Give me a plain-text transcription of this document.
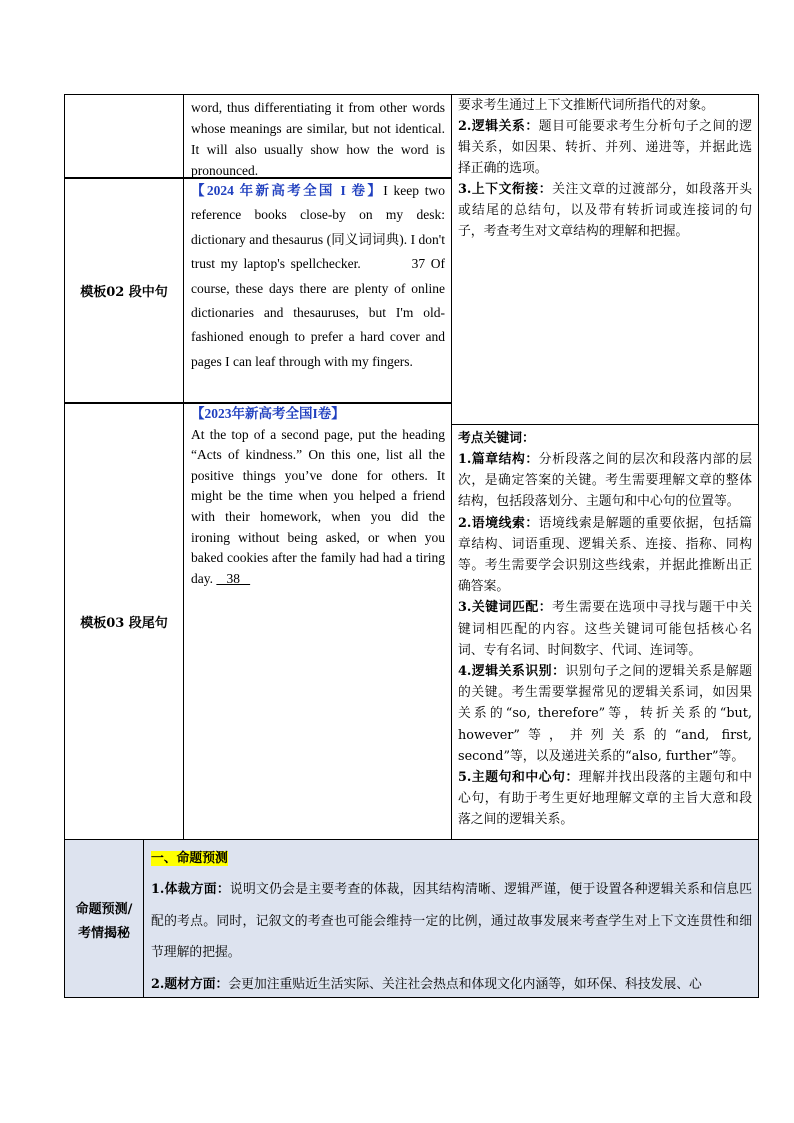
模板02 段中句
模板03 段尾句

word, thus differentiating it from other words whose meanings are similar, but not identical. It will also usually show how the word is pronounced.

【2024 年新高考全国 I 卷】I keep two reference books close-by on my desk: dictionary and thesaurus (同义词词典). I don't trust my laptop's spellchecker.	37 Of course, these days there are plenty of online dictionaries and thesauruses, but I'm old-fashioned enough to prefer a hard cover and pages I can leaf through with my fingers.

【2023年新高考全国I卷】
At the top of a second page, put the heading “Acts of kindness.” On this one, list all the positive things you’ve done for others. It might be the time when you helped a friend with their homework, when you did the ironing without being asked, or when you baked cookies after the family had had a tiring day. 38

要求考生通过上下文推断代词所指代的对象。

2.逻辑关系：题目可能要求考生分析句子之间的逻辑关系，如因果、转折、并列、递进等，并据此选择正确的选项。

3.上下文衔接：关注文章的过渡部分，如段落开头或结尾的总结句，以及带有转折词或连接词的句子，考查考生对文章结构的理解和把握。

考点关键词：

1.篇章结构：分析段落之间的层次和段落内部的层次，是确定答案的关键。考生需要理解文章的整体结构，包括段落划分、主题句和中心句的位置等。

2.语境线索：语境线索是解题的重要依据，包括篇章结构、词语重现、逻辑关系、连接、指称、同构等。考生需要学会识别这些线索，并据此推断出正确答案。

3.关键词匹配：考生需要在选项中寻找与题干中关键词相匹配的内容。这些关键词可能包括核心名词、专有名词、时间数字、代词、连词等。

4.逻辑关系识别：识别句子之间的逻辑关系是解题的关键。考生需要掌握常见的逻辑关系词，如因果关系的“so, therefore”等，转折关系的“but, however”等，并列关系的“and, first, second”等，以及递进关系的“also, further”等。

5.主题句和中心句：理解并找出段落的主题句和中心句，有助于考生更好地理解文章的主旨大意和段落之间的逻辑关系。

命题预测/
考情揭秘

一、命题预测

1.体裁方面：说明文仍会是主要考查的体裁，因其结构清晰、逻辑严谨，便于设置各种逻辑关系和信息匹配的考点。同时，记叙文的考查也可能会维持一定的比例，通过故事发展来考查学生对上下文连贯性和细节理解的把握。

2.题材方面：会更加注重贴近生活实际、关注社会热点和体现文化内涵等，如环保、科技发展、心
